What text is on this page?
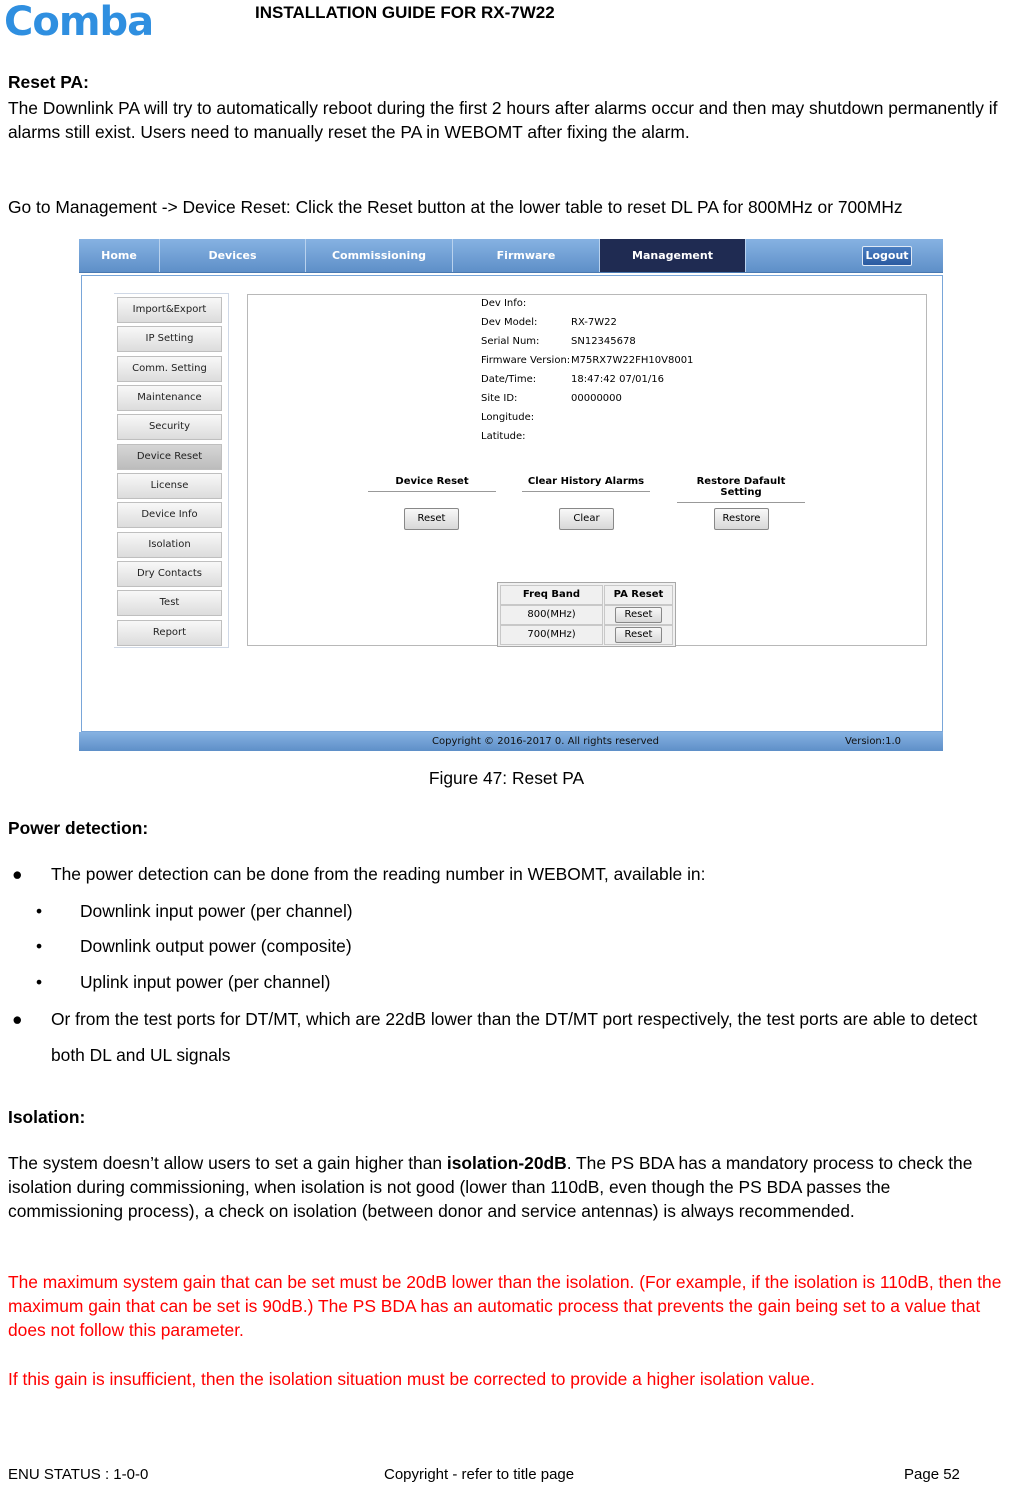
Comba	INSTALLATION GUIDE FOR RX-7W22
Reset PA:

The Downlink PA will try to automatically reboot during the first 2 hours after alarms occur and then may shutdown permanently if alarms still exist. Users need to manually reset the PA in WEBOMT after fixing the alarm.

Go to Management -> Device Reset: Click the Reset button at the lower table to reset DL PA for 800MHz or 700MHz

Home	Devices	Commissioning	Firmware	Management	Logout
Import&Export
IP Setting
Comm. Setting
Maintenance
Security
Device Reset
License
Device Info
Isolation
Dry Contacts
Test
Report
Dev Info:
Dev Model:	RX-7W22
Serial Num:	SN12345678
Firmware Version: M75RX7W22FH10V8001
Date/Time:	18:47:42 07/01/16
Site ID:	00000000
Longitude:
Latitude:
Device Reset	Clear History Alarms	Restore Dafault Setting
Reset	Clear	Restore
Freq Band	PA Reset
800(MHz)	Reset
700(MHz)	Reset
Copyright © 2016-2017 0. All rights reserved	Version:1.0
Figure 47: Reset PA
Power detection:
● The power detection can be done from the reading number in WEBOMT, available in:
• Downlink input power (per channel)
• Downlink output power (composite)
• Uplink input power (per channel)
● Or from the test ports for DT/MT, which are 22dB lower than the DT/MT port respectively, the test ports are able to detect both DL and UL signals
Isolation:

The system doesn’t allow users to set a gain higher than isolation-20dB. The PS BDA has a mandatory process to check the isolation during commissioning, when isolation is not good (lower than 110dB, even though the PS BDA passes the commissioning process), a check on isolation (between donor and service antennas) is always recommended.

The maximum system gain that can be set must be 20dB lower than the isolation. (For example, if the isolation is 110dB, then the maximum gain that can be set is 90dB.) The PS BDA has an automatic process that prevents the gain being set to a value that does not follow this parameter.

If this gain is insufficient, then the isolation situation must be corrected to provide a higher isolation value.

ENU STATUS : 1-0-0	Copyright - refer to title page	Page 52
